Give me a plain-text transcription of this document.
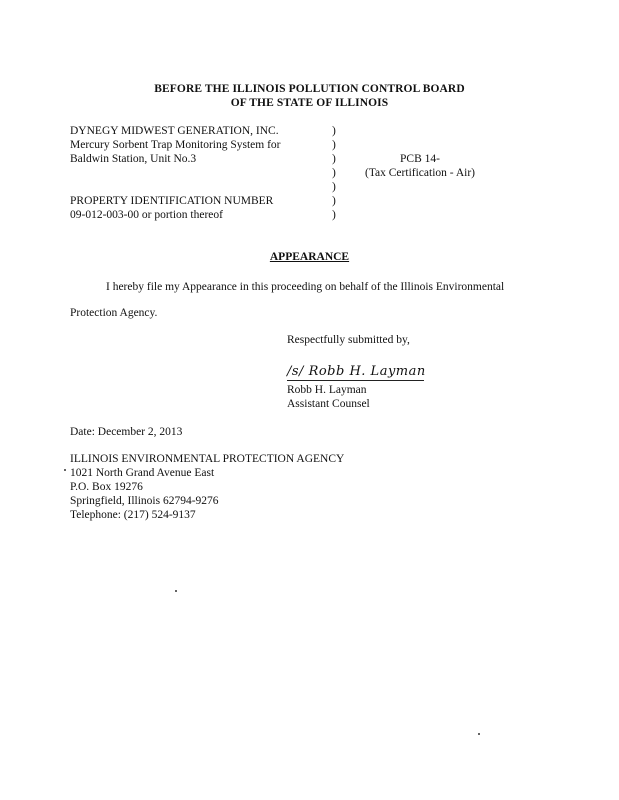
BEFORE THE ILLINOIS POLLUTION CONTROL BOARD
OF THE STATE OF ILLINOIS
DYNEGY MIDWEST GENERATION, INC.
Mercury Sorbent Trap Monitoring System for
Baldwin Station, Unit No.3
PROPERTY IDENTIFICATION NUMBER
09-012-003-00 or portion thereof
)
)
)
)
)
)
)
PCB 14-
(Tax Certification - Air)
APPEARANCE
I hereby file my Appearance in this proceeding on behalf of the Illinois Environmental
Protection Agency.
Respectfully submitted by,
/s/ Robb H. Layman
Robb H. Layman
Assistant Counsel
Date: December 2, 2013
ILLINOIS ENVIRONMENTAL PROTECTION AGENCY
1021 North Grand Avenue East
P.O. Box 19276
Springfield, Illinois 62794-9276
Telephone: (217) 524-9137
